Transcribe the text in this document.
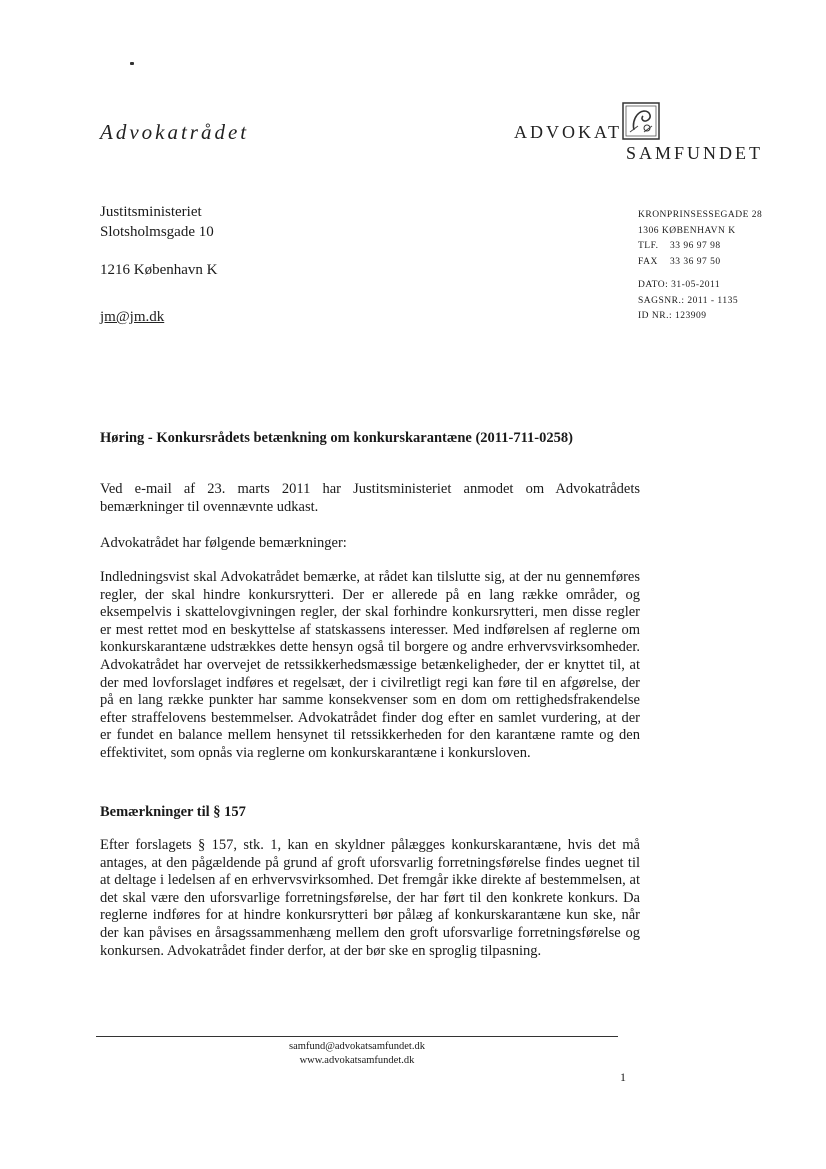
Advokatrådet	ADVOKAT
SAMFUNDET
Justitsministeriet
Slotsholmsgade 10
1216 København K
jm@jm.dk
KRONPRINSESSEGADE 28
1306 KØBENHAVN K
TLF. 33 96 97 98
FAX 33 36 97 50
DATO: 31-05-2011
SAGSNR.: 2011 - 1135
ID NR.: 123909
Høring - Konkursrådets betænkning om konkurskarantæne (2011-711-0258)
Ved e-mail af 23. marts 2011 har Justitsministeriet anmodet om Advokatrådets bemærkninger til ovennævnte udkast.
Advokatrådet har følgende bemærkninger:
Indledningsvist skal Advokatrådet bemærke, at rådet kan tilslutte sig, at der nu gennemføres regler, der skal hindre konkursrytteri. Der er allerede på en lang række områder, og eksempelvis i skattelovgivningen regler, der skal forhindre konkursrytteri, men disse regler er mest rettet mod en beskyttelse af statskassens interesser. Med indførelsen af reglerne om konkurskarantæne udstrækkes dette hensyn også til borgere og andre erhvervsvirksomheder. Advokatrådet har overvejet de retssikkerhedsmæssige betænkeligheder, der er knyttet til, at der med lovforslaget indføres et regelsæt, der i civilretligt regi kan føre til en afgørelse, der på en lang række punkter har samme konsekvenser som en dom om rettighedsfrakendelse efter straffelovens bestemmelser. Advokatrådet finder dog efter en samlet vurdering, at der er fundet en balance mellem hensynet til retssikkerheden for den karantæne ramte og den effektivitet, som opnås via reglerne om konkurskarantæne i konkursloven.
Bemærkninger til § 157
Efter forslagets § 157, stk. 1, kan en skyldner pålægges konkurskarantæne, hvis det må antages, at den pågældende på grund af groft uforsvarlig forretningsførelse findes uegnet til at deltage i ledelsen af en erhvervsvirksomhed. Det fremgår ikke direkte af bestemmelsen, at det skal være den uforsvarlige forretningsførelse, der har ført til den konkrete konkurs. Da reglerne indføres for at hindre konkursrytteri bør pålæg af konkurskarantæne kun ske, når der kan påvises en årsagssammenhæng mellem den groft uforsvarlige forretningsførelse og konkursen. Advokatrådet finder derfor, at der bør ske en sproglig tilpasning.
samfund@advokatsamfundet.dk
www.advokatsamfundet.dk
1
